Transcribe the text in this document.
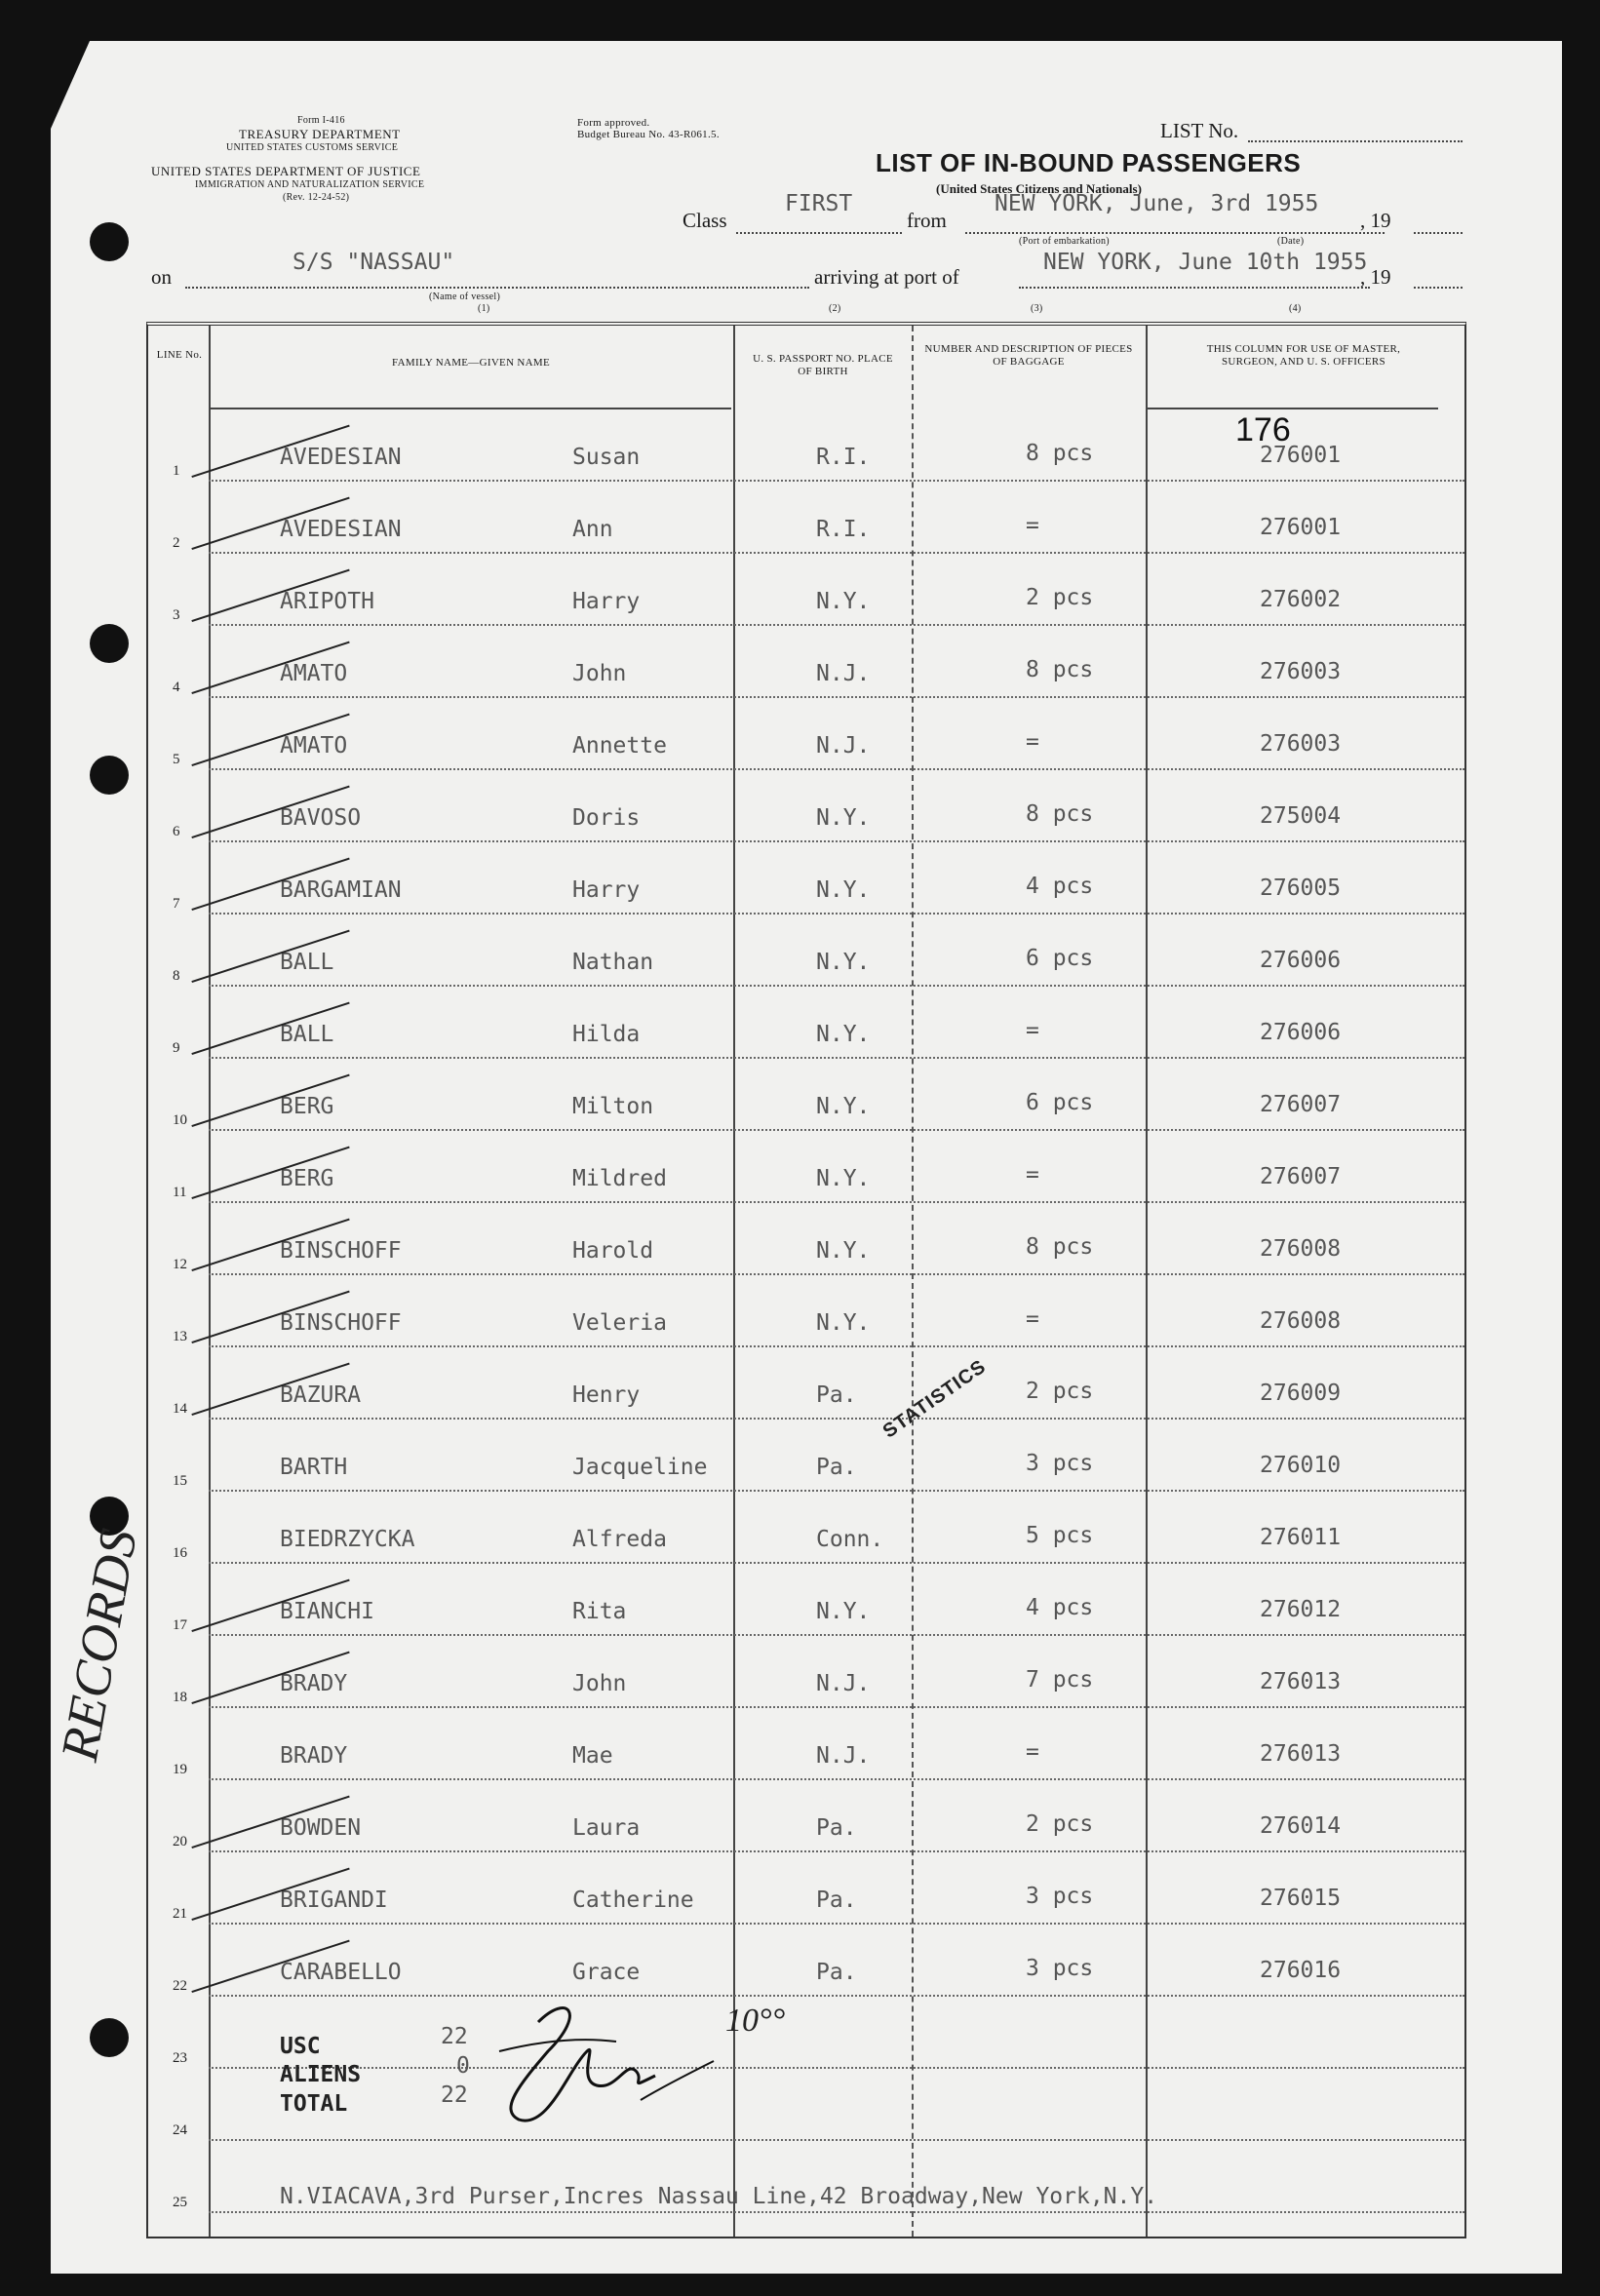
Form I-416
TREASURY DEPARTMENT
UNITED STATES CUSTOMS SERVICE
UNITED STATES DEPARTMENT OF JUSTICE
IMMIGRATION AND NATURALIZATION SERVICE
(Rev. 12-24-52)
Form approved.
Budget Bureau No. 43-R061.5.	LIST No.
LIST OF IN-BOUND PASSENGERS
(United States Citizens and Nationals)
Class
FIRST
from
NEW YORK, June, 3rd 1955
, 19
(Port of embarkation)	(Date)
on
S/S "NASSAU"
(Name of vessel)
(1)
arriving at port of
NEW YORK, June 10th 1955
, 19
(2)	(3)	(4)
LINE No.
FAMILY NAME—GIVEN NAME	U. S. PASSPORT NO. PLACE OF BIRTH
NUMBER AND DESCRIPTION OF PIECES OF BAGGAGE
THIS COLUMN FOR USE OF MASTER, SURGEON, AND U. S. OFFICERS
176
1
AVEDESIAN	Susan	R.I.	8 pcs	276001
2
AVEDESIAN	Ann	R.I.	=	276001
3
ARIPOTH	Harry	N.Y.	2 pcs	276002
4
AMATO	John	N.J.	8 pcs	276003
5
AMATO	Annette	N.J.	=	276003
6
BAVOSO	Doris	N.Y.	8 pcs	275004
7
BARGAMIAN	Harry	N.Y.	4 pcs	276005
8
BALL	Nathan	N.Y.	6 pcs	276006
9
BALL	Hilda	N.Y.	=	276006
10
BERG	Milton	N.Y.	6 pcs	276007
11
BERG	Mildred	N.Y.	=	276007
12
BINSCHOFF	Harold	N.Y.	8 pcs	276008
13
BINSCHOFF	Veleria	N.Y.	=	276008
14
BAZURA	Henry	Pa.	2 pcs	276009
15
BARTH	Jacqueline	Pa.	3 pcs	276010
16
BIEDRZYCKA	Alfreda	Conn.	5 pcs	276011
17
BIANCHI	Rita	N.Y.	4 pcs	276012
18
BRADY	John	N.J.	7 pcs	276013
19
BRADY	Mae	N.J.	=	276013
20
BOWDEN	Laura	Pa.	2 pcs	276014
21
BRIGANDI	Catherine	Pa.	3 pcs	276015
22
CARABELLO	Grace	Pa.	3 pcs	276016
23
24
25
STATISTICS
USC	22
ALIENS	0
TOTAL	22
10°°
N.VIACAVA,3rd Purser,Incres Nassau Line,42 Broadway,New York,N.Y.
RECORDS
